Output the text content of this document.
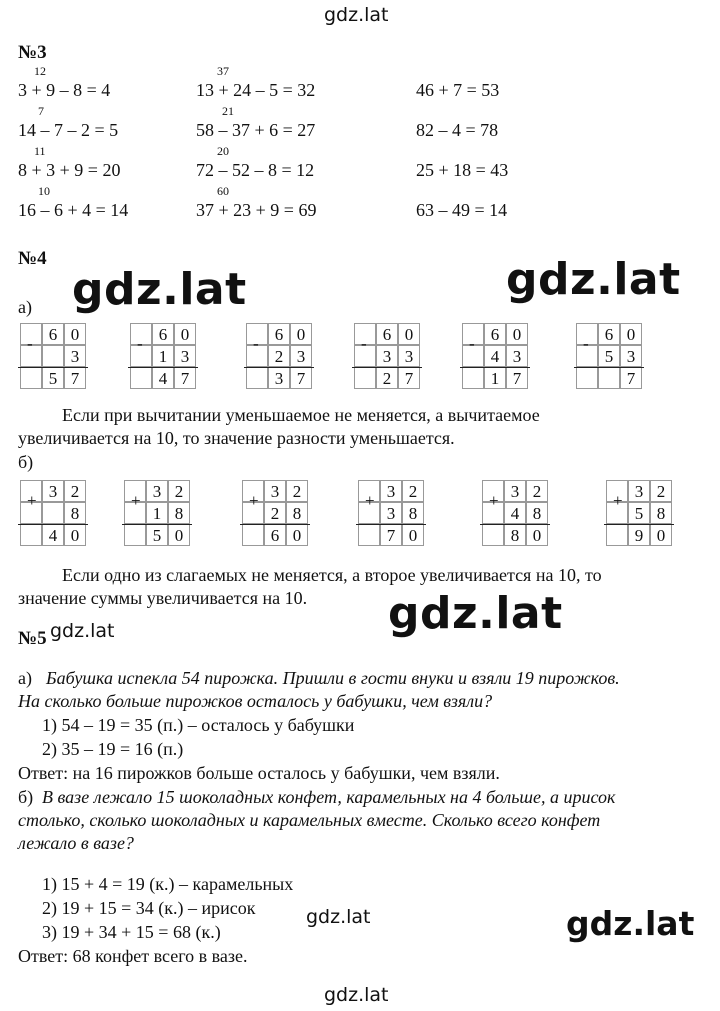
gdz.lat
gdz.lat	gdz.lat
gdz.lat
gdz.lat
gdz.lat	gdz.lat
gdz.lat
№3
12
3 + 9 – 8 = 4
7
14 – 7 – 2 = 5
11
8 + 3 + 9 = 20
10
16 – 6 + 4 = 14
37
13 + 24 – 5 = 32
21
58 – 37 + 6 = 27
20
72 – 52 – 8 = 12
60
37 + 23 + 9 = 69
46 + 7 = 53
82 – 4 = 78
25 + 18 = 43
63 – 49 = 14
№4
а)
6 0
3
5 7
-	6 0
1 3
4 7
-	6 0
2 3
3 7
-	6 0
3 3
2 7
-	6 0
4 3
1 7
-	6 0
5 3
7
-
Если при вычитании уменьшаемое не меняется, а вычитаемое
увеличивается на 10, то значение разности уменьшается.
б)
3 2
8
4 0
+	3 2
1 8
5 0
+	3 2
2 8
6 0
+	3 2
3 8
7 0
+	3 2
4 8
8 0
+	3 2
5 8
9 0
+
Если одно из слагаемых не меняется, а второе увеличивается на 10, то
значение суммы увеличивается на 10.
№5
а) Бабушка испекла 54 пирожка. Пришли в гости внуки и взяли 19 пирожков.
На сколько больше пирожков осталось у бабушки, чем взяли?
1) 54 – 19 = 35 (п.) – осталось у бабушки
2) 35 – 19 = 16 (п.)
Ответ: на 16 пирожков больше осталось у бабушки, чем взяли.
б) В вазе лежало 15 шоколадных конфет, карамельных на 4 больше, а ирисок
столько, сколько шоколадных и карамельных вместе. Сколько всего конфет
лежало в вазе?
1) 15 + 4 = 19 (к.) – карамельных
2) 19 + 15 = 34 (к.) – ирисок
3) 19 + 34 + 15 = 68 (к.)
Ответ: 68 конфет всего в вазе.
